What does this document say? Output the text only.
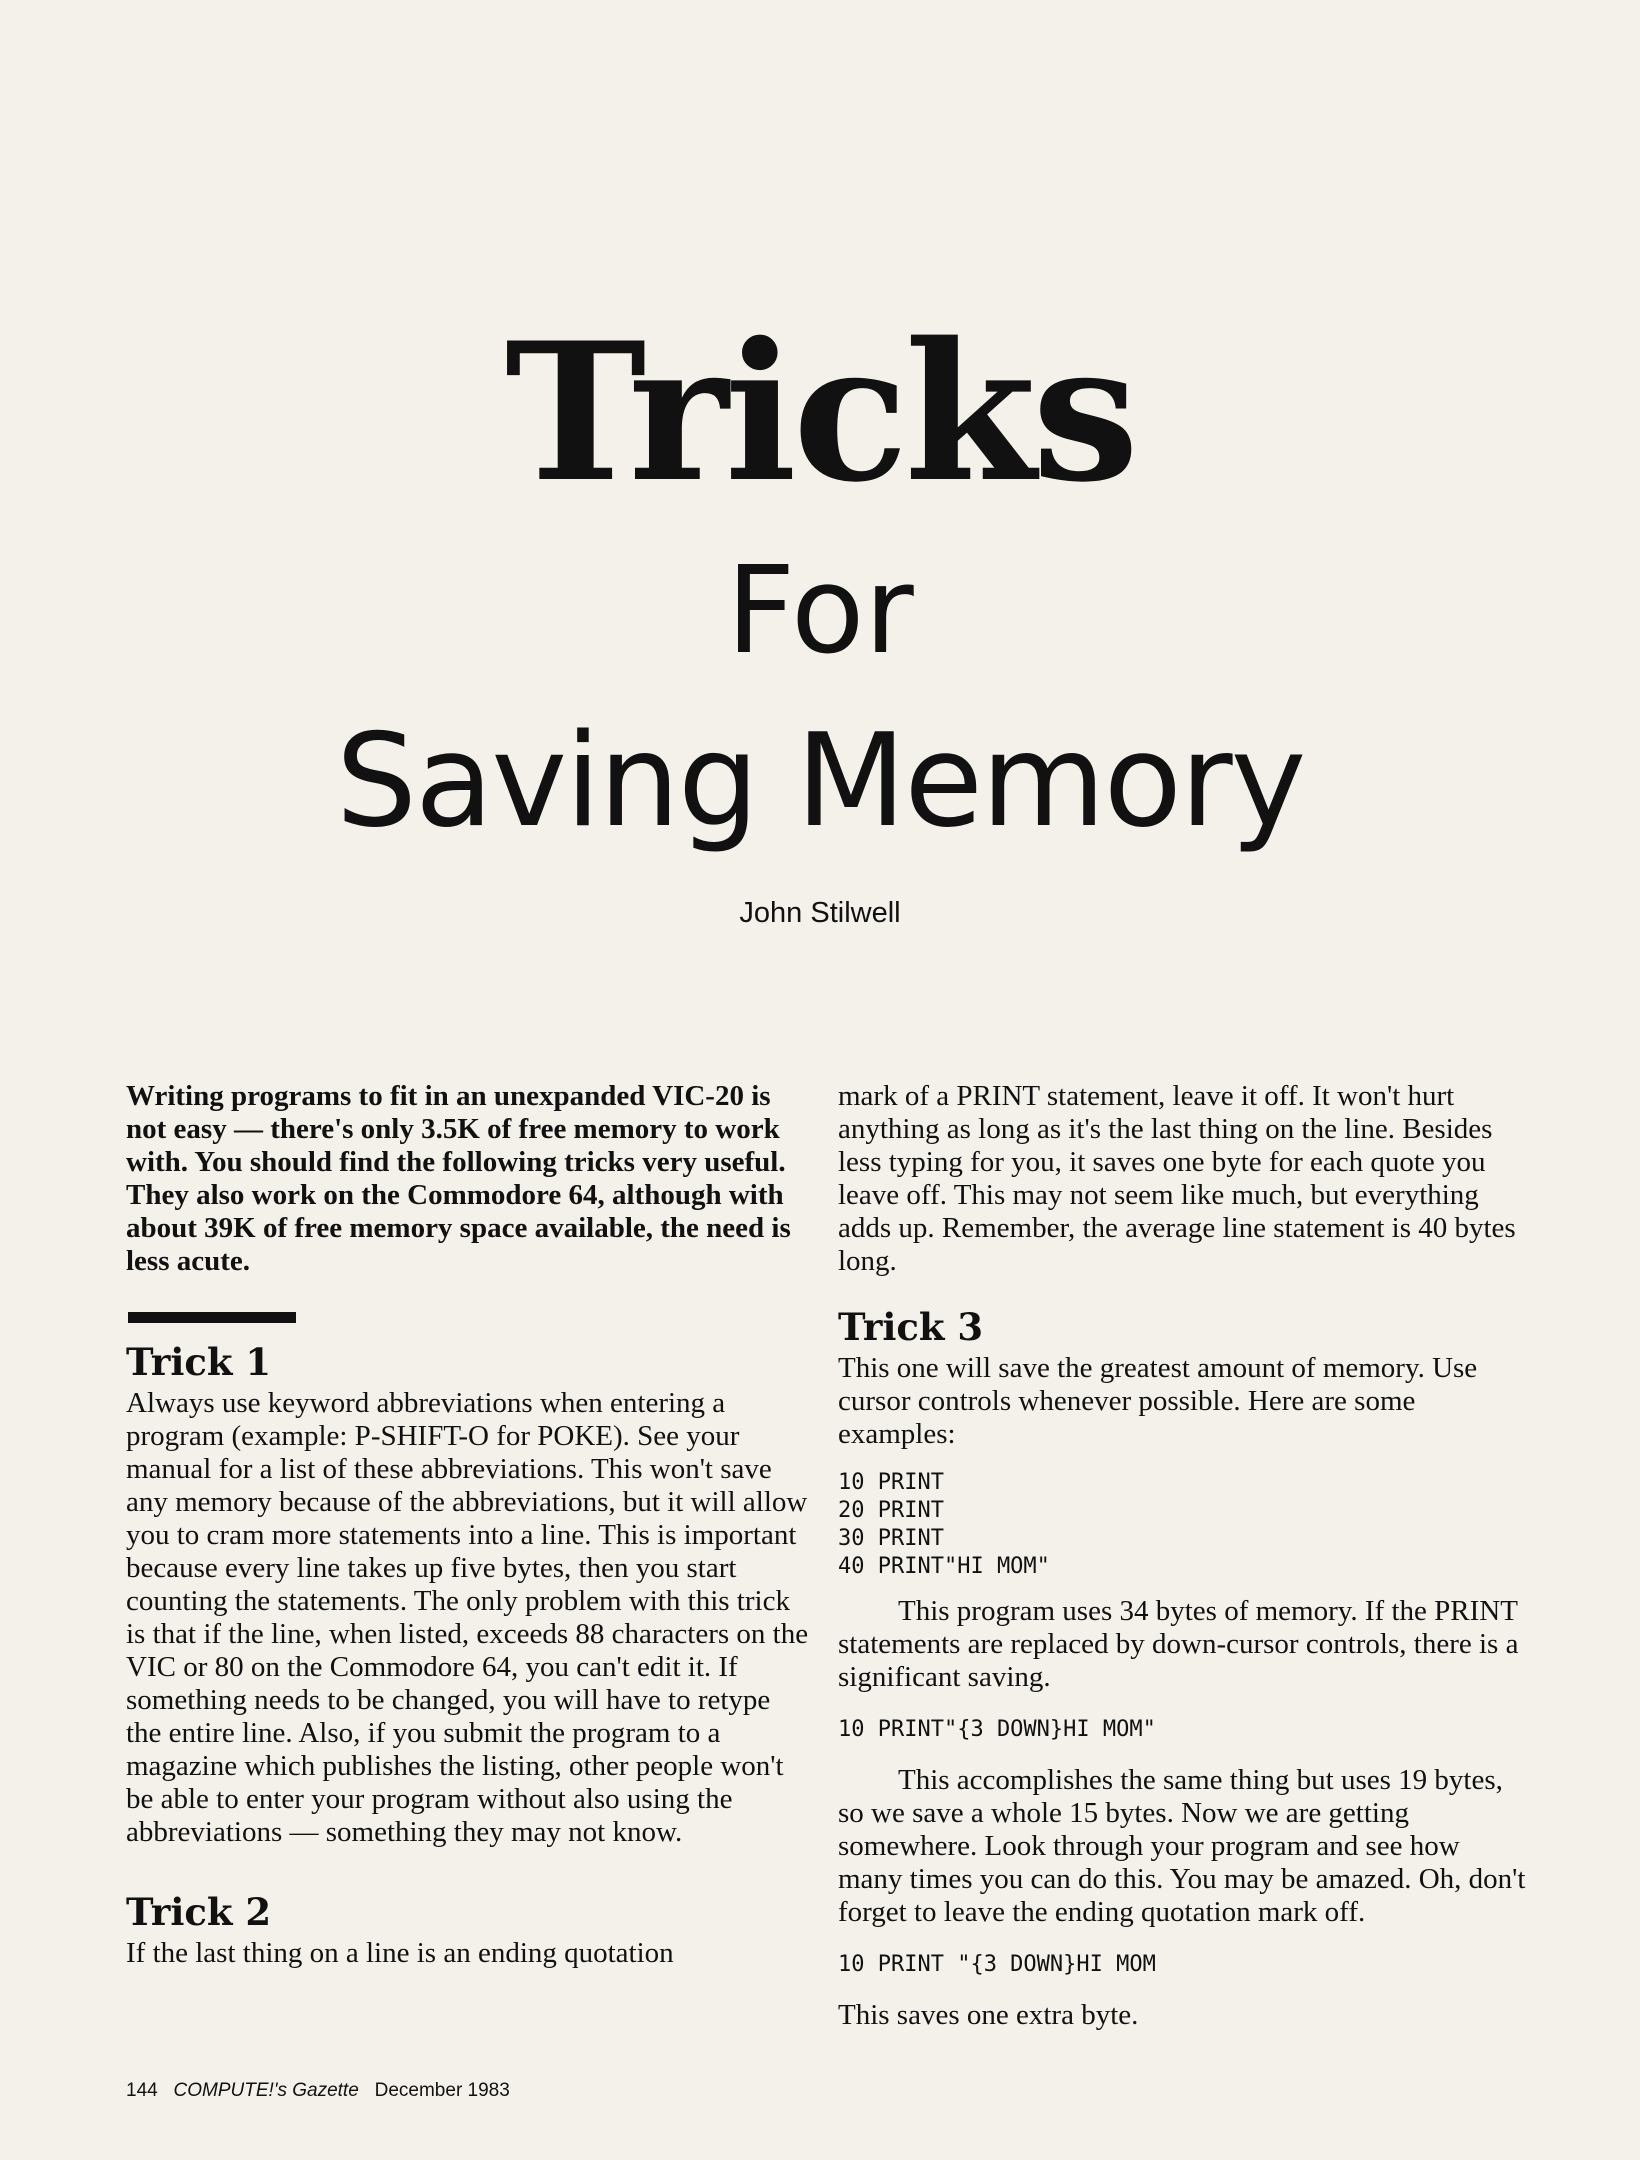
Tricks
For
Saving Memory
John Stilwell

Writing programs to fit in an unexpanded VIC-20 is not easy — there's only 3.5K of free memory to work with. You should find the following tricks very useful. They also work on the Commodore 64, although with about 39K of free memory space available, the need is less acute.

Trick 1

Always use keyword abbreviations when entering a program (example: P-SHIFT-O for POKE). See your manual for a list of these abbreviations. This won't save any memory because of the abbreviations, but it will allow you to cram more statements into a line. This is important because every line takes up five bytes, then you start counting the statements. The only problem with this trick is that if the line, when listed, exceeds 88 characters on the VIC or 80 on the Commodore 64, you can't edit it. If something needs to be changed, you will have to retype the entire line. Also, if you submit the program to a magazine which publishes the listing, other people won't be able to enter your program without also using the abbreviations — something they may not know.

Trick 2

If the last thing on a line is an ending quotation

mark of a PRINT statement, leave it off. It won't hurt anything as long as it's the last thing on the line. Besides less typing for you, it saves one byte for each quote you leave off. This may not seem like much, but everything adds up. Remember, the average line statement is 40 bytes long.

Trick 3

This one will save the greatest amount of memory. Use cursor controls whenever possible. Here are some examples:

10 PRINT
20 PRINT
30 PRINT
40 PRINT"HI MOM"

This program uses 34 bytes of memory. If the PRINT statements are replaced by down-cursor controls, there is a significant saving.

10 PRINT"{3 DOWN}HI MOM"

This accomplishes the same thing but uses 19 bytes, so we save a whole 15 bytes. Now we are getting somewhere. Look through your program and see how many times you can do this. You may be amazed. Oh, don't forget to leave the ending quotation mark off.

10 PRINT "{3 DOWN}HI MOM

This saves one extra byte.

144 COMPUTE!'s Gazette December 1983
